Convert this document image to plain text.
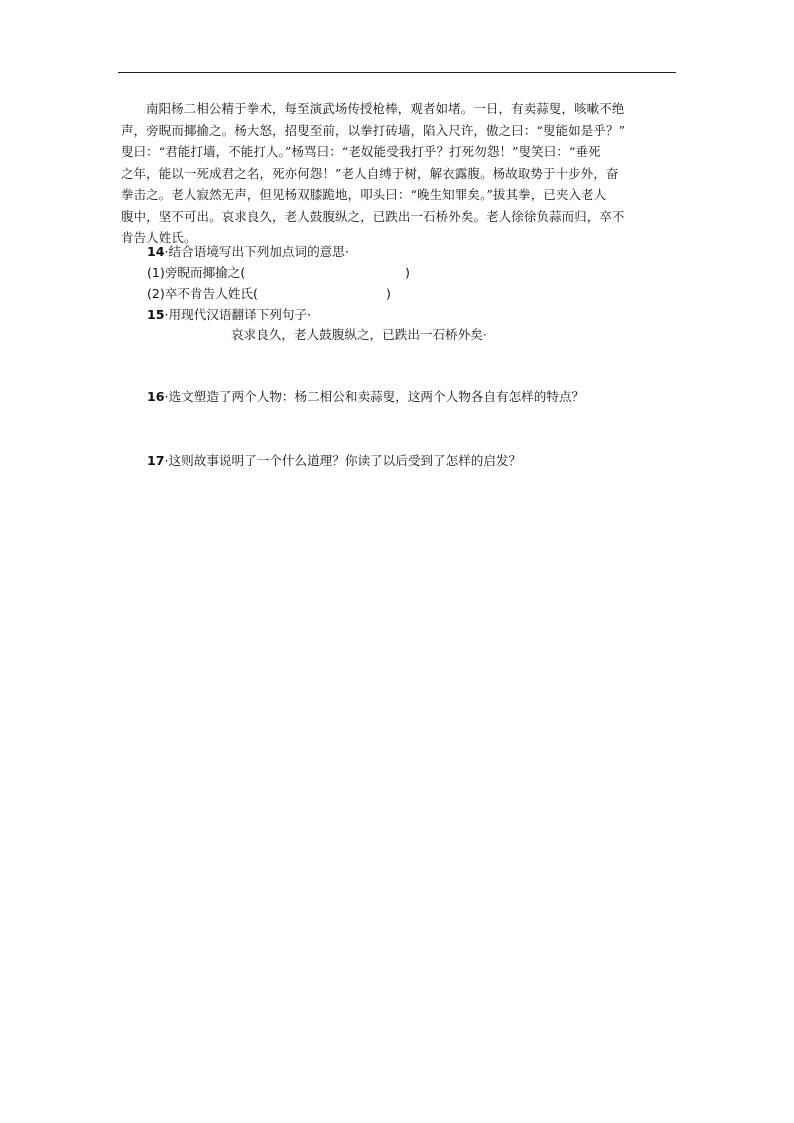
南阳杨二相公精于拳术，每至演武场传授枪棒，观者如堵。一日，有卖蒜叟，咳嗽不绝
声，旁睨而揶揄之。杨大怒，招叟至前，以拳打砖墙，陷入尺许，傲之曰：“叟能如是乎？”
叟曰：“君能打墙，不能打人。”杨骂曰：“老奴能受我打乎？打死勿怨！”叟笑曰：“垂死
之年，能以一死成君之名，死亦何怨！”老人自缚于树，解衣露腹。杨故取势于十步外，奋
拳击之。老人寂然无声，但见杨双膝跪地，叩头曰：“晚生知罪矣。”拔其拳，已夹入老人
腹中，坚不可出。哀求良久，老人鼓腹纵之，已跌出一石桥外矣。老人徐徐负蒜而归，卒不
肯告人姓氏。
14·结合语境写出下列加点词的意思·
(1)旁睨而揶揄之(	)
(2)卒不肯告人姓氏(	)
15·用现代汉语翻译下列句子·
哀求良久，老人鼓腹纵之，已跌出一石桥外矣·
16·选文塑造了两个人物：杨二相公和卖蒜叟，这两个人物各自有怎样的特点？
17·这则故事说明了一个什么道理？你读了以后受到了怎样的启发？
